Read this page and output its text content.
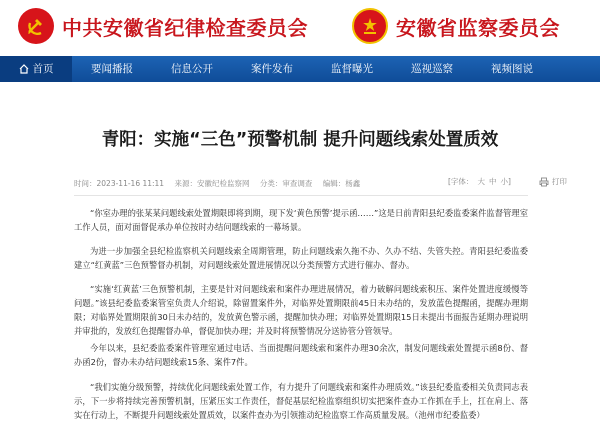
中共安徽省纪律检查委员会	安徽省监察委员会
首页	要闻播报	信息公开	案件发布	监督曝光	巡视巡察	视频图说
青阳：实施“三色”预警机制 提升问题线索处置质效
时间：2023-11-16 11:11 来源：安徽纪检监察网 分类：审查调查 编辑：杨鑫	[字体： 大 中 小]	打印

“你室办理的张某某问题线索处置期限即将到期，现下发‘黄色预警’提示函……”这是日前青阳县纪委监委案件监督管理室工作人员，面对面督促承办单位按时办结问题线索的一幕场景。

为进一步加强全县纪检监察机关问题线索全周期管理，防止问题线索久拖不办、久办不结、失管失控。青阳县纪委监委建立“红黄蓝”三色预警督办机制，对问题线索处置进展情况以分类预警方式进行催办、督办。

“实施‘红黄蓝’三色预警机制，主要是针对问题线索和案件办理进展情况，着力破解问题线索积压、案件处置进度缓慢等问题。”该县纪委监委案管室负责人介绍说，除留置案件外，对临界处置期限前45日未办结的，发放蓝色提醒函，提醒办理期限；对临界处置期限前30日未办结的，发放黄色警示函，提醒加快办理；对临界处置期限15日未提出书面报告延期办理说明并审批的，发放红色提醒督办单，督促加快办理；并及时将预警情况分送协管分管领导。

今年以来，县纪委监委案件管理室通过电话、当面提醒问题线索和案件办理30余次，制发问题线索处置提示函8份、督办函2份，督办未办结问题线索15条、案件7件。

“我们实施分级预警，持续优化问题线索处置工作，有力提升了问题线索和案件办理质效。”该县纪委监委相关负责同志表示，下一步将持续完善预警机制，压紧压实工作责任，督促基层纪检监察组织切实把案件查办工作抓在手上，扛在肩上、落实在行动上，不断提升问题线索处置质效，以案件查办为引领推动纪检监察工作高质量发展。（池州市纪委监委）
